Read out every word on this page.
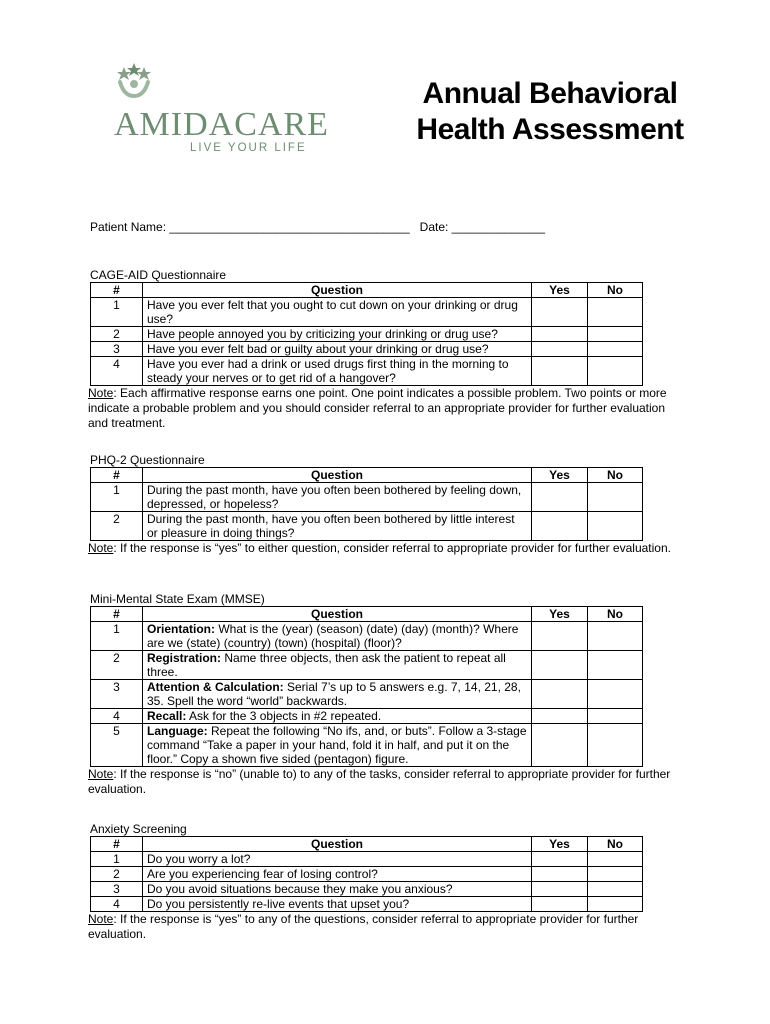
AMIDACARE
LIVE YOUR LIFE
Annual Behavioral
Health Assessment
Patient Name: ____________________________________ Date: ______________
CAGE-AID Questionnaire
#	Question	Yes	No
1	Have you ever felt that you ought to cut down on your drinking or drug use?		
2	Have people annoyed you by criticizing your drinking or drug use?		
3	Have you ever felt bad or guilty about your drinking or drug use?		
4	Have you ever had a drink or used drugs first thing in the morning to steady your nerves or to get rid of a hangover?		
Note: Each affirmative response earns one point. One point indicates a possible problem. Two points or more indicate a probable problem and you should consider referral to an appropriate provider for further evaluation and treatment.
PHQ-2 Questionnaire
#	Question	Yes	No
1	During the past month, have you often been bothered by feeling down, depressed, or hopeless?		
2	During the past month, have you often been bothered by little interest or pleasure in doing things?		
Note: If the response is “yes” to either question, consider referral to appropriate provider for further evaluation.
Mini-Mental State Exam (MMSE)
#	Question	Yes	No
1	Orientation: What is the (year) (season) (date) (day) (month)? Where are we (state) (country) (town) (hospital) (floor)?		
2	Registration: Name three objects, then ask the patient to repeat all three.		
3	Attention & Calculation: Serial 7’s up to 5 answers e.g. 7, 14, 21, 28, 35. Spell the word “world” backwards.		
4	Recall: Ask for the 3 objects in #2 repeated.		
5	Language: Repeat the following “No ifs, and, or buts”. Follow a 3-stage command “Take a paper in your hand, fold it in half, and put it on the floor.” Copy a shown five sided (pentagon) figure.		
Note: If the response is “no” (unable to) to any of the tasks, consider referral to appropriate provider for further evaluation.
Anxiety Screening
#	Question	Yes	No
1	Do you worry a lot?		
2	Are you experiencing fear of losing control?		
3	Do you avoid situations because they make you anxious?		
4	Do you persistently re-live events that upset you?		
Note: If the response is “yes” to any of the questions, consider referral to appropriate provider for further evaluation.
